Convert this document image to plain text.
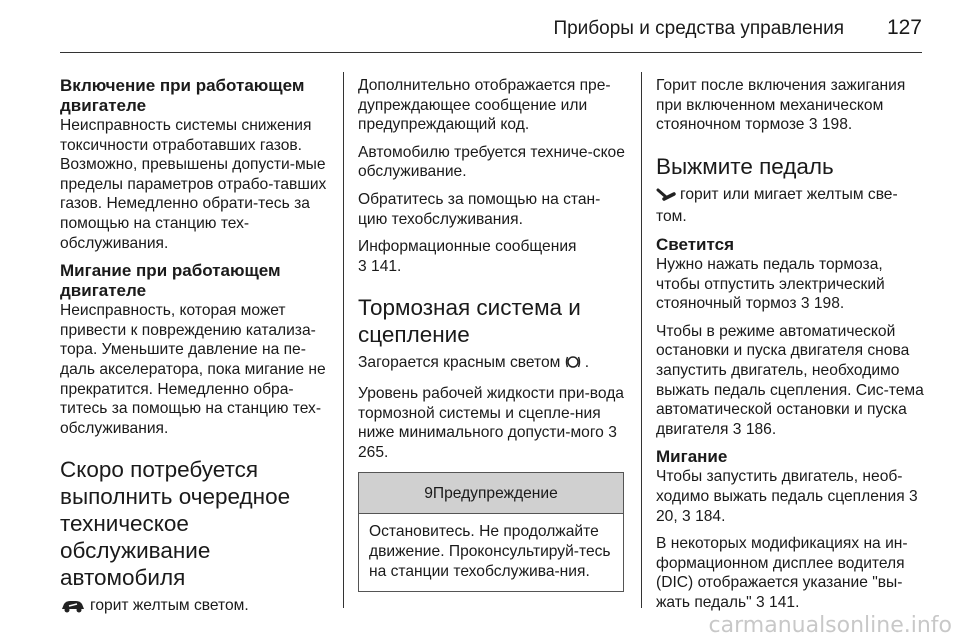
Приборы и средства управления 127

Включение при работающем двигателе

Неисправность системы снижения токсичности отработавших газов. Возможно, превышены допусти-мые пределы параметров отрабо-тавших газов. Немедленно обрати-тесь за помощью на станцию тех-обслуживания.

Мигание при работающем двигателе

Неисправность, которая может привести к повреждению катализа-тора. Уменьшите давление на пе-даль акселератора, пока мигание не прекратится. Немедленно обра-титесь за помощью на станцию тех-обслуживания.

Скоро потребуется выполнить очередное техническое обслуживание автомобиля

горит желтым светом.

Дополнительно отображается пре-дупреждающее сообщение или предупреждающий код.

Автомобилю требуется техниче-ское обслуживание.

Обратитесь за помощью на стан-цию техобслуживания.

Информационные сообщения

3 141.

Тормозная система и сцепление

Загорается красным светом .

Уровень рабочей жидкости при-вода тормозной системы и сцепле-ния ниже минимального допусти-мого 3 265.

9 Предупреждение
Остановитесь. Не продолжайте движение. Проконсультируй-тесь на станции техобслужива-ния.

Горит после включения зажигания при включенном механическом стояночном тормозе 3 198.

Выжмите педаль

горит или мигает желтым све-том.

Светится

Нужно нажать педаль тормоза, чтобы отпустить электрический стояночный тормоз 3 198.

Чтобы в режиме автоматической остановки и пуска двигателя снова запустить двигатель, необходимо выжать педаль сцепления. Сис-тема автоматической остановки и пуска двигателя 3 186.

Мигание

Чтобы запустить двигатель, необ-ходимо выжать педаль сцепления 3 20, 3 184.

В некоторых модификациях на ин-формационном дисплее водителя (DIC) отображается указание "вы-жать педаль" 3 141.

carmanualsonline.info
